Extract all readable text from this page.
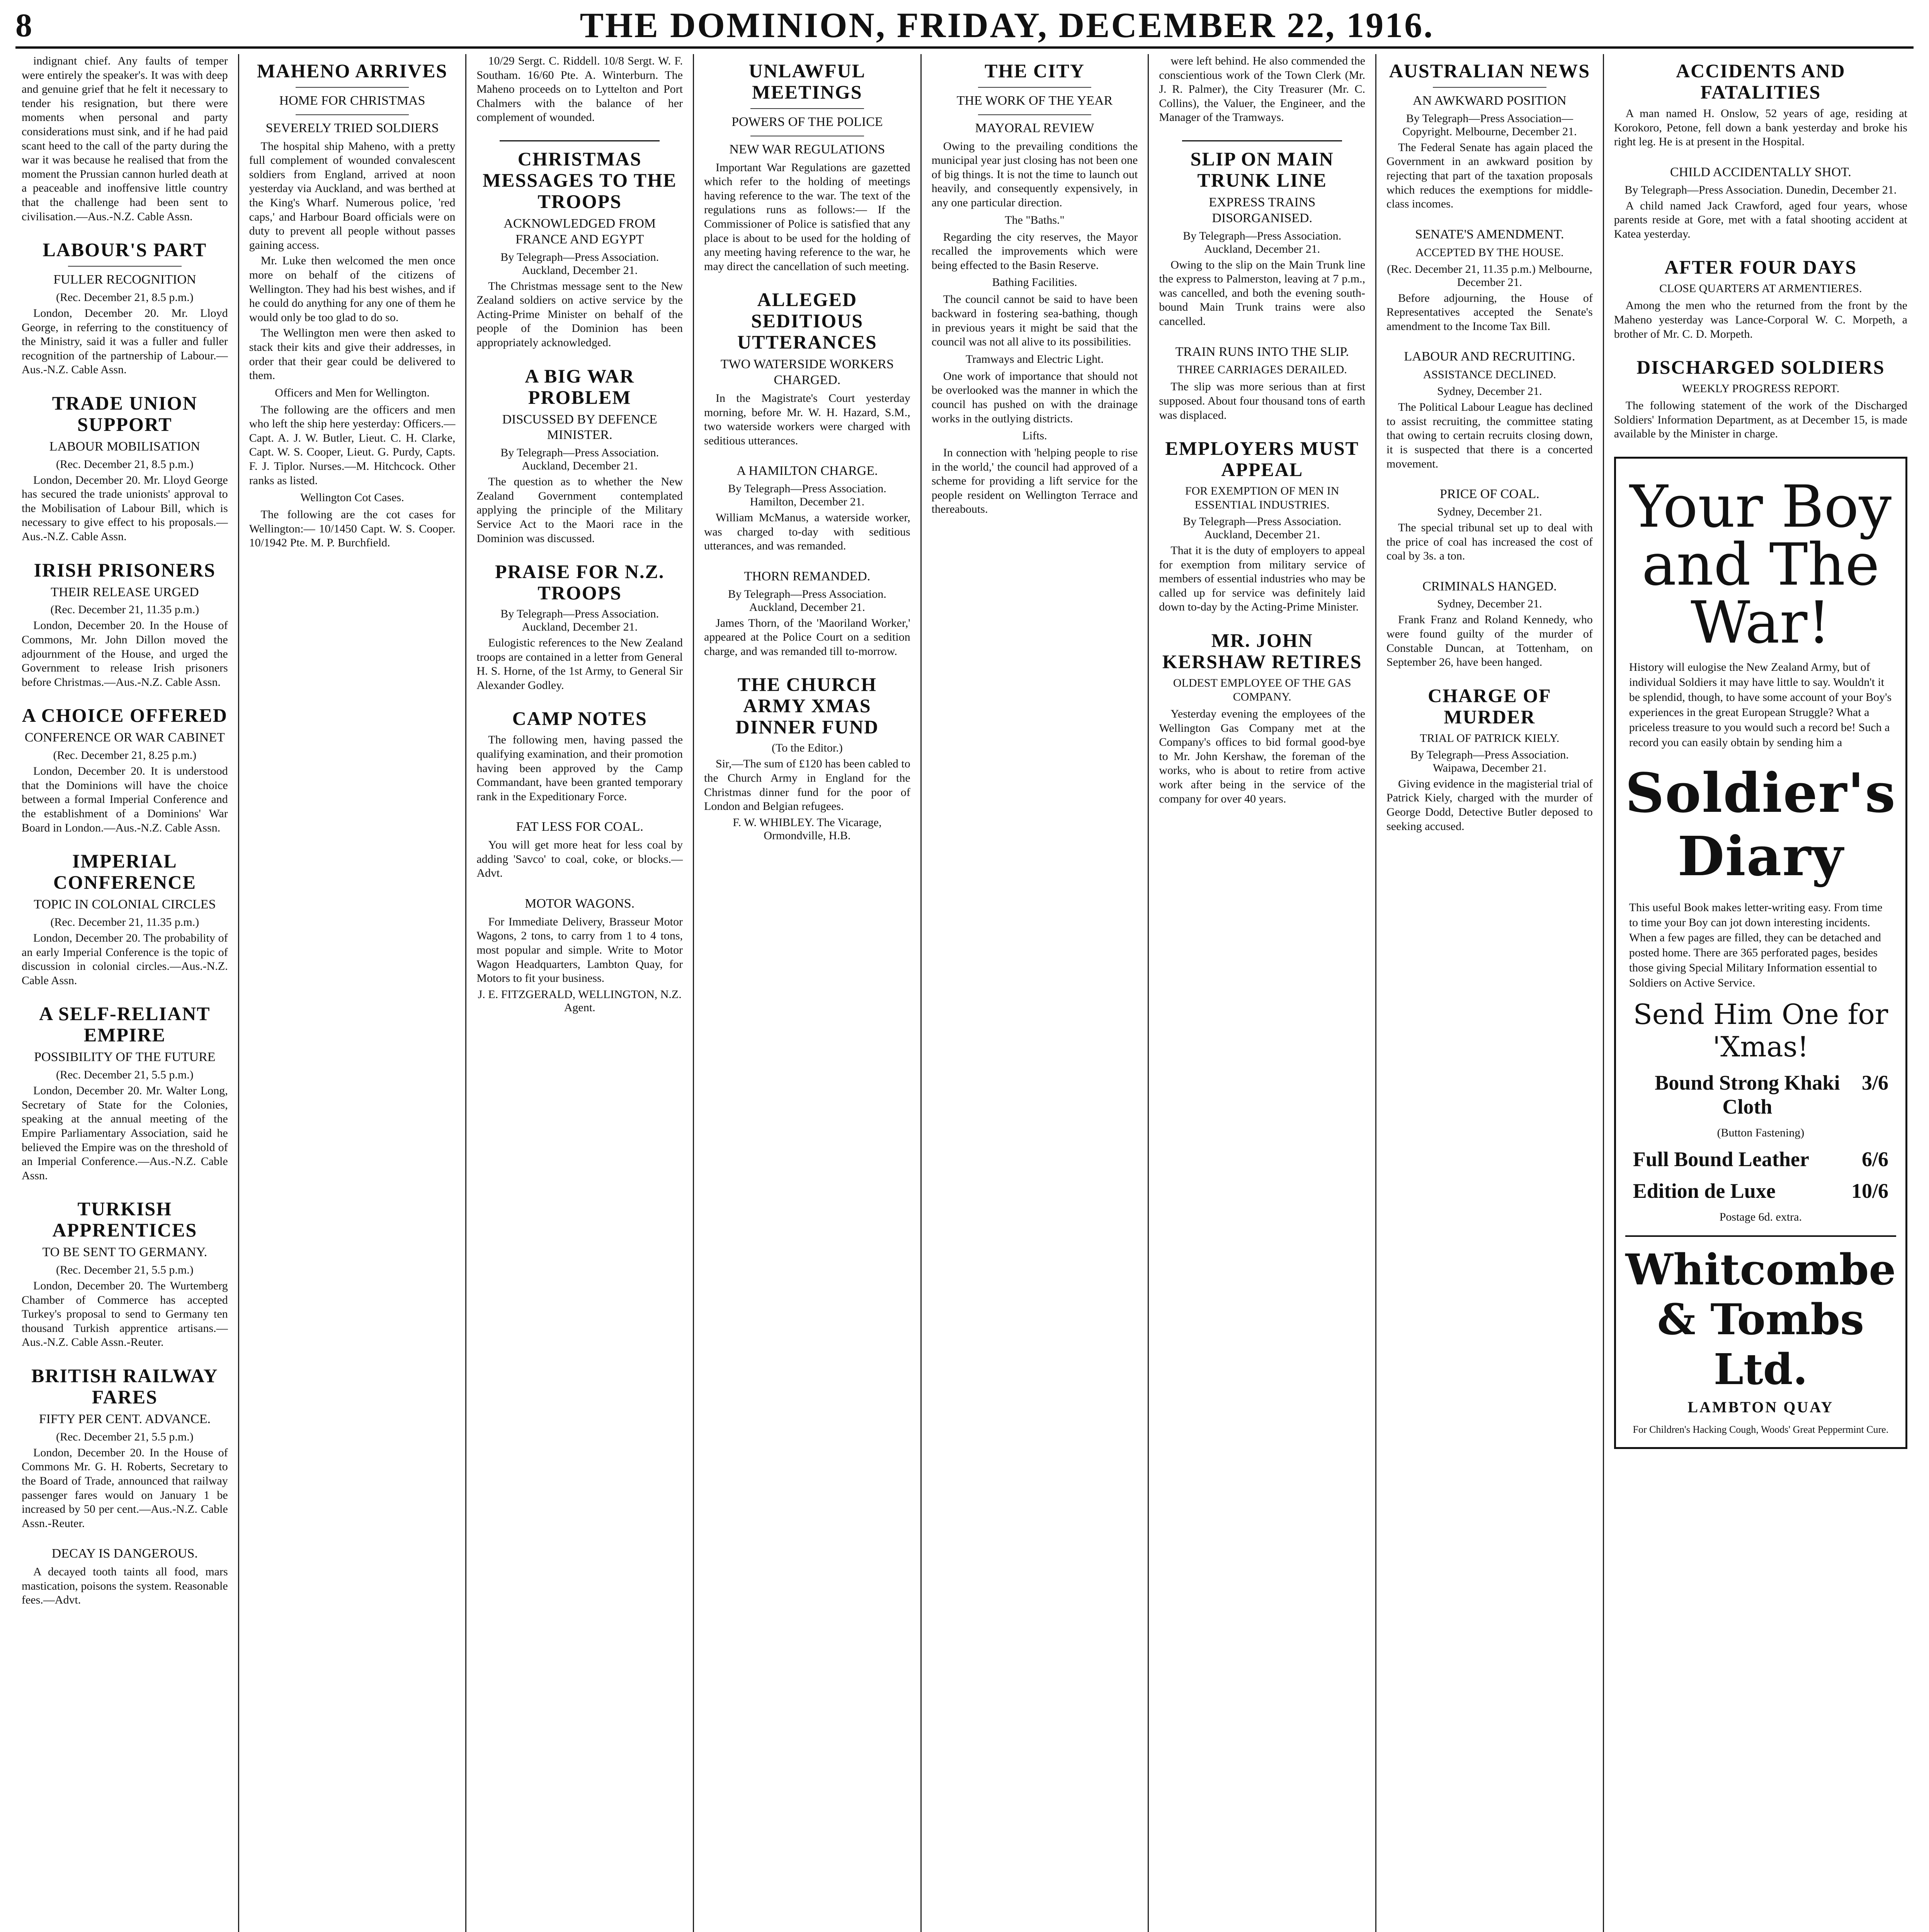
8	THE DOMINION, FRIDAY, DECEMBER 22, 1916.

indignant chief. Any faults of temper were entirely the speaker's. It was with deep and genuine grief that he felt it necessary to tender his resignation, but there were moments when personal and party considerations must sink, and if he had paid scant heed to the call of the party during the war it was because he realised that from the moment the Prussian cannon hurled death at a peaceable and inoffensive little country that the challenge had been sent to civilisation.—Aus.-N.Z. Cable Assn.

LABOUR'S PART
FULLER RECOGNITION
(Rec. December 21, 8.5 p.m.)

London, December 20. Mr. Lloyd George, in referring to the constituency of the Ministry, said it was a fuller and fuller recognition of the partnership of Labour.—Aus.-N.Z. Cable Assn.

TRADE UNION SUPPORT
LABOUR MOBILISATION
(Rec. December 21, 8.5 p.m.)

London, December 20. Mr. Lloyd George has secured the trade unionists' approval to the Mobilisation of Labour Bill, which is necessary to give effect to his proposals.—Aus.-N.Z. Cable Assn.

IRISH PRISONERS
THEIR RELEASE URGED
(Rec. December 21, 11.35 p.m.)

London, December 20. In the House of Commons, Mr. John Dillon moved the adjournment of the House, and urged the Government to release Irish prisoners before Christmas.—Aus.-N.Z. Cable Assn.

A CHOICE OFFERED
CONFERENCE OR WAR CABINET
(Rec. December 21, 8.25 p.m.)

London, December 20. It is understood that the Dominions will have the choice between a formal Imperial Conference and the establishment of a Dominions' War Board in London.—Aus.-N.Z. Cable Assn.

IMPERIAL CONFERENCE
TOPIC IN COLONIAL CIRCLES
(Rec. December 21, 11.35 p.m.)

London, December 20. The probability of an early Imperial Conference is the topic of discussion in colonial circles.—Aus.-N.Z. Cable Assn.

A SELF-RELIANT EMPIRE
POSSIBILITY OF THE FUTURE
(Rec. December 21, 5.5 p.m.)

London, December 20. Mr. Walter Long, Secretary of State for the Colonies, speaking at the annual meeting of the Empire Parliamentary Association, said he believed the Empire was on the threshold of an Imperial Conference.—Aus.-N.Z. Cable Assn.

TURKISH APPRENTICES
TO BE SENT TO GERMANY.
(Rec. December 21, 5.5 p.m.)

London, December 20. The Wurtemberg Chamber of Commerce has accepted Turkey's proposal to send to Germany ten thousand Turkish apprentice artisans.—Aus.-N.Z. Cable Assn.-Reuter.

BRITISH RAILWAY FARES
FIFTY PER CENT. ADVANCE.
(Rec. December 21, 5.5 p.m.)

London, December 20. In the House of Commons Mr. G. H. Roberts, Secretary to the Board of Trade, announced that railway passenger fares would on January 1 be increased by 50 per cent.—Aus.-N.Z. Cable Assn.-Reuter.

DECAY IS DANGEROUS.

A decayed tooth taints all food, mars mastication, poisons the system. Reasonable fees.—Advt.

MAHENO ARRIVES
HOME FOR CHRISTMAS
SEVERELY TRIED SOLDIERS

The hospital ship Maheno, with a pretty full complement of wounded convalescent soldiers from England, arrived at noon yesterday via Auckland, and was berthed at the King's Wharf. Numerous police, 'red caps,' and Harbour Board officials were on duty to prevent all people without passes gaining access.

Mr. Luke then welcomed the men once more on behalf of the citizens of Wellington. They had his best wishes, and if he could do anything for any one of them he would only be too glad to do so.

The Wellington men were then asked to stack their kits and give their addresses, in order that their gear could be delivered to them.

Officers and Men for Wellington.

The following are the officers and men who left the ship here yesterday: Officers.—Capt. A. J. W. Butler, Lieut. C. H. Clarke, Capt. W. S. Cooper, Lieut. G. Purdy, Capts. F. J. Tiplor. Nurses.—M. Hitchcock. Other ranks as listed.

Wellington Cot Cases.

The following are the cot cases for Wellington:— 10/1450 Capt. W. S. Cooper. 10/1942 Pte. M. P. Burchfield.

10/29 Sergt. C. Riddell. 10/8 Sergt. W. F. Southam. 16/60 Pte. A. Winterburn. The Maheno proceeds on to Lyttelton and Port Chalmers with the balance of her complement of wounded.

CHRISTMAS MESSAGES TO THE TROOPS
ACKNOWLEDGED FROM FRANCE AND EGYPT
By Telegraph—Press Association. Auckland, December 21.

The Christmas message sent to the New Zealand soldiers on active service by the Acting-Prime Minister on behalf of the people of the Dominion has been appropriately acknowledged.

A BIG WAR PROBLEM
DISCUSSED BY DEFENCE MINISTER.
By Telegraph—Press Association. Auckland, December 21.

The question as to whether the New Zealand Government contemplated applying the principle of the Military Service Act to the Maori race in the Dominion was discussed.

PRAISE FOR N.Z. TROOPS
By Telegraph—Press Association. Auckland, December 21.

Eulogistic references to the New Zealand troops are contained in a letter from General H. S. Horne, of the 1st Army, to General Sir Alexander Godley.

CAMP NOTES

The following men, having passed the qualifying examination, and their promotion having been approved by the Camp Commandant, have been granted temporary rank in the Expeditionary Force.

FAT LESS FOR COAL.

You will get more heat for less coal by adding 'Savco' to coal, coke, or blocks.—Advt.

MOTOR WAGONS.

For Immediate Delivery, Brasseur Motor Wagons, 2 tons, to carry from 1 to 4 tons, most popular and simple. Write to Motor Wagon Headquarters, Lambton Quay, for Motors to fit your business.

J. E. FITZGERALD, WELLINGTON, N.Z. Agent.
UNLAWFUL MEETINGS
POWERS OF THE POLICE
NEW WAR REGULATIONS

Important War Regulations are gazetted which refer to the holding of meetings having reference to the war. The text of the regulations runs as follows:— If the Commissioner of Police is satisfied that any place is about to be used for the holding of any meeting having reference to the war, he may direct the cancellation of such meeting.

ALLEGED SEDITIOUS UTTERANCES
TWO WATERSIDE WORKERS CHARGED.

In the Magistrate's Court yesterday morning, before Mr. W. H. Hazard, S.M., two waterside workers were charged with seditious utterances.

A HAMILTON CHARGE.
By Telegraph—Press Association. Hamilton, December 21.

William McManus, a waterside worker, was charged to-day with seditious utterances, and was remanded.

THORN REMANDED.
By Telegraph—Press Association. Auckland, December 21.

James Thorn, of the 'Maoriland Worker,' appeared at the Police Court on a sedition charge, and was remanded till to-morrow.

THE CHURCH ARMY XMAS DINNER FUND
(To the Editor.)

Sir,—The sum of £120 has been cabled to the Church Army in England for the Christmas dinner fund for the poor of London and Belgian refugees.

F. W. WHIBLEY. The Vicarage, Ormondville, H.B.
THE CITY
THE WORK OF THE YEAR
MAYORAL REVIEW

Owing to the prevailing conditions the municipal year just closing has not been one of big things. It is not the time to launch out heavily, and consequently expensively, in any one particular direction.

The "Baths."

Regarding the city reserves, the Mayor recalled the improvements which were being effected to the Basin Reserve.

Bathing Facilities.

The council cannot be said to have been backward in fostering sea-bathing, though in previous years it might be said that the council was not all alive to its possibilities.

Tramways and Electric Light.

One work of importance that should not be overlooked was the manner in which the council has pushed on with the drainage works in the outlying districts.

Lifts.

In connection with 'helping people to rise in the world,' the council had approved of a scheme for providing a lift service for the people resident on Wellington Terrace and thereabouts.

were left behind. He also commended the conscientious work of the Town Clerk (Mr. J. R. Palmer), the City Treasurer (Mr. C. Collins), the Valuer, the Engineer, and the Manager of the Tramways.

SLIP ON MAIN TRUNK LINE
EXPRESS TRAINS DISORGANISED.
By Telegraph—Press Association. Auckland, December 21.

Owing to the slip on the Main Trunk line the express to Palmerston, leaving at 7 p.m., was cancelled, and both the evening south-bound Main Trunk trains were also cancelled.

TRAIN RUNS INTO THE SLIP.
THREE CARRIAGES DERAILED.

The slip was more serious than at first supposed. About four thousand tons of earth was displaced.

EMPLOYERS MUST APPEAL
FOR EXEMPTION OF MEN IN ESSENTIAL INDUSTRIES.
By Telegraph—Press Association. Auckland, December 21.

That it is the duty of employers to appeal for exemption from military service of members of essential industries who may be called up for service was definitely laid down to-day by the Acting-Prime Minister.

MR. JOHN KERSHAW RETIRES
OLDEST EMPLOYEE OF THE GAS COMPANY.

Yesterday evening the employees of the Wellington Gas Company met at the Company's offices to bid formal good-bye to Mr. John Kershaw, the foreman of the works, who is about to retire from active work after being in the service of the company for over 40 years.

AUSTRALIAN NEWS
AN AWKWARD POSITION
By Telegraph—Press Association—Copyright. Melbourne, December 21.

The Federal Senate has again placed the Government in an awkward position by rejecting that part of the taxation proposals which reduces the exemptions for middle-class incomes.

SENATE'S AMENDMENT.
ACCEPTED BY THE HOUSE.
(Rec. December 21, 11.35 p.m.) Melbourne, December 21.

Before adjourning, the House of Representatives accepted the Senate's amendment to the Income Tax Bill.

LABOUR AND RECRUITING.
ASSISTANCE DECLINED.
Sydney, December 21.

The Political Labour League has declined to assist recruiting, the committee stating that owing to certain recruits closing down, it is suspected that there is a concerted movement.

PRICE OF COAL.
Sydney, December 21.

The special tribunal set up to deal with the price of coal has increased the cost of coal by 3s. a ton.

CRIMINALS HANGED.
Sydney, December 21.

Frank Franz and Roland Kennedy, who were found guilty of the murder of Constable Duncan, at Tottenham, on September 26, have been hanged.

CHARGE OF MURDER
TRIAL OF PATRICK KIELY.
By Telegraph—Press Association. Waipawa, December 21.

Giving evidence in the magisterial trial of Patrick Kiely, charged with the murder of George Dodd, Detective Butler deposed to seeking accused.

ACCIDENTS AND FATALITIES

A man named H. Onslow, 52 years of age, residing at Korokoro, Petone, fell down a bank yesterday and broke his right leg. He is at present in the Hospital.

CHILD ACCIDENTALLY SHOT.
By Telegraph—Press Association. Dunedin, December 21.

A child named Jack Crawford, aged four years, whose parents reside at Gore, met with a fatal shooting accident at Katea yesterday.

AFTER FOUR DAYS
CLOSE QUARTERS AT ARMENTIERES.

Among the men who the returned from the front by the Maheno yesterday was Lance-Corporal W. C. Morpeth, a brother of Mr. C. D. Morpeth.

DISCHARGED SOLDIERS
WEEKLY PROGRESS REPORT.

The following statement of the work of the Discharged Soldiers' Information Department, as at December 15, is made available by the Minister in charge.

Your Boy and The War!

History will eulogise the New Zealand Army, but of individual Soldiers it may have little to say. Wouldn't it be splendid, though, to have some account of your Boy's experiences in the great European Struggle? What a priceless treasure to you would such a record be! Such a record you can easily obtain by sending him a

Soldier's Diary

This useful Book makes letter-writing easy. From time to time your Boy can jot down interesting incidents. When a few pages are filled, they can be detached and posted home. There are 365 perforated pages, besides those giving Special Military Information essential to Soldiers on Active Service.

Send Him One for 'Xmas!
Bound Strong Khaki Cloth
3/6
(Button Fastening)
Full Bound Leather	6/6
Edition de Luxe	10/6
Postage 6d. extra.
Whitcombe & Tombs Ltd.
LAMBTON QUAY
For Children's Hacking Cough, Woods' Great Peppermint Cure.
